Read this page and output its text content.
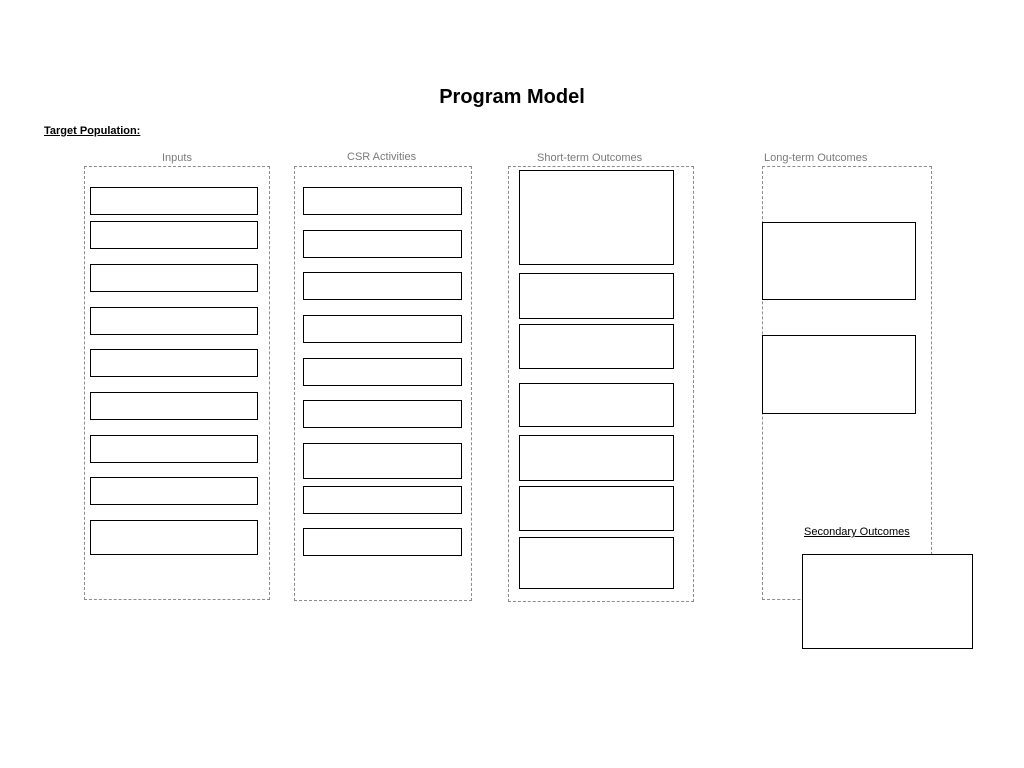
Program Model
Target Population:
Inputs	CSR Activities	Short-term Outcomes	Long-term Outcomes
Secondary Outcomes
